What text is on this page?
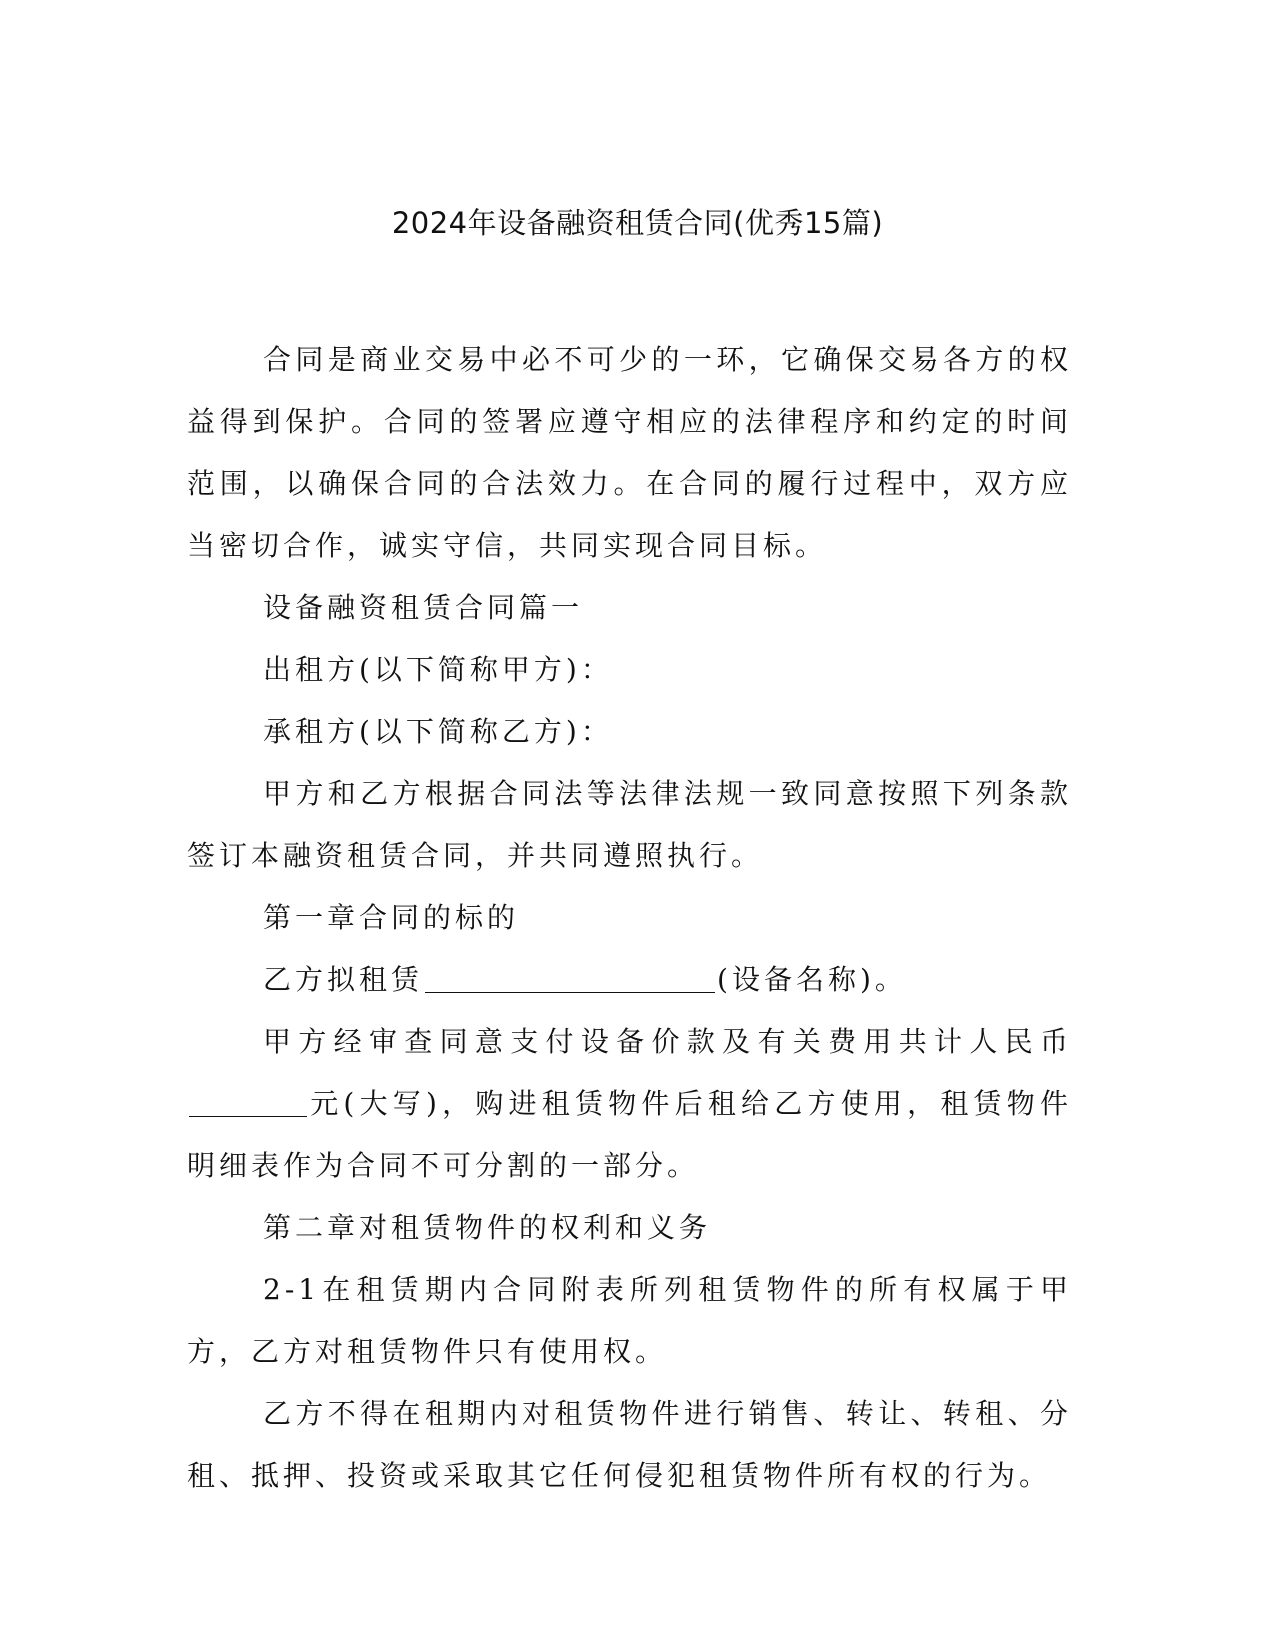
2024年设备融资租赁合同(优秀15篇)

合同是商业交易中必不可少的一环，它确保交易各方的权益得到保护。合同的签署应遵守相应的法律程序和约定的时间范围，以确保合同的合法效力。在合同的履行过程中，双方应当密切合作，诚实守信，共同实现合同目标。

设备融资租赁合同篇一

出租方(以下简称甲方)：

承租方(以下简称乙方)：

甲方和乙方根据合同法等法律法规一致同意按照下列条款签订本融资租赁合同，并共同遵照执行。

第一章合同的标的

乙方拟租赁	(设备名称)。

甲方经审查同意支付设备价款及有关费用共计人民币元(大写)，购进租赁物件后租给乙方使用，租赁物件明细表作为合同不可分割的一部分。

第二章对租赁物件的权利和义务

2-1在租赁期内合同附表所列租赁物件的所有权属于甲方，乙方对租赁物件只有使用权。

乙方不得在租期内对租赁物件进行销售、转让、转租、分租、抵押、投资或采取其它任何侵犯租赁物件所有权的行为。
